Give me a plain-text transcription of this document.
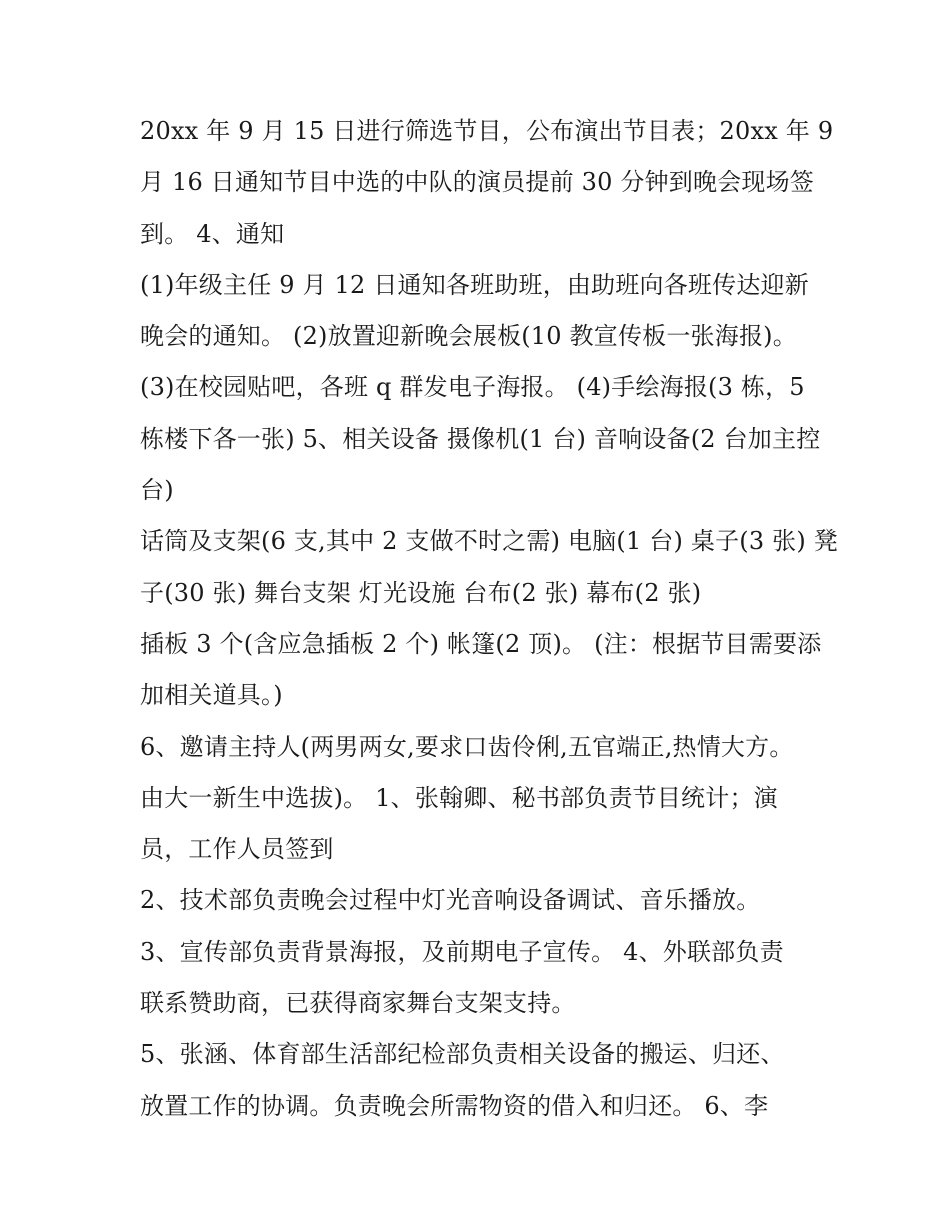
20xx 年 9 月 15 日进行筛选节目，公布演出节目表；20xx 年 9
月 16 日通知节目中选的中队的演员提前 30 分钟到晚会现场签
到。 4、通知
(1)年级主任 9 月 12 日通知各班助班，由助班向各班传达迎新
晚会的通知。 (2)放置迎新晚会展板(10 教宣传板一张海报)。
(3)在校园贴吧，各班 q 群发电子海报。 (4)手绘海报(3 栋，5
栋楼下各一张) 5、相关设备 摄像机(1 台) 音响设备(2 台加主控
台)
话筒及支架(6 支,其中 2 支做不时之需) 电脑(1 台) 桌子(3 张) 凳
子(30 张) 舞台支架 灯光设施 台布(2 张) 幕布(2 张)
插板 3 个(含应急插板 2 个) 帐篷(2 顶)。 (注：根据节目需要添
加相关道具。)
6、邀请主持人(两男两女,要求口齿伶俐,五官端正,热情大方。
由大一新生中选拔)。 1、张翰卿、秘书部负责节目统计；演
员，工作人员签到
2、技术部负责晚会过程中灯光音响设备调试、音乐播放。
3、宣传部负责背景海报，及前期电子宣传。 4、外联部负责
联系赞助商，已获得商家舞台支架支持。
5、张涵、体育部生活部纪检部负责相关设备的搬运、归还、
放置工作的协调。负责晚会所需物资的借入和归还。 6、李
